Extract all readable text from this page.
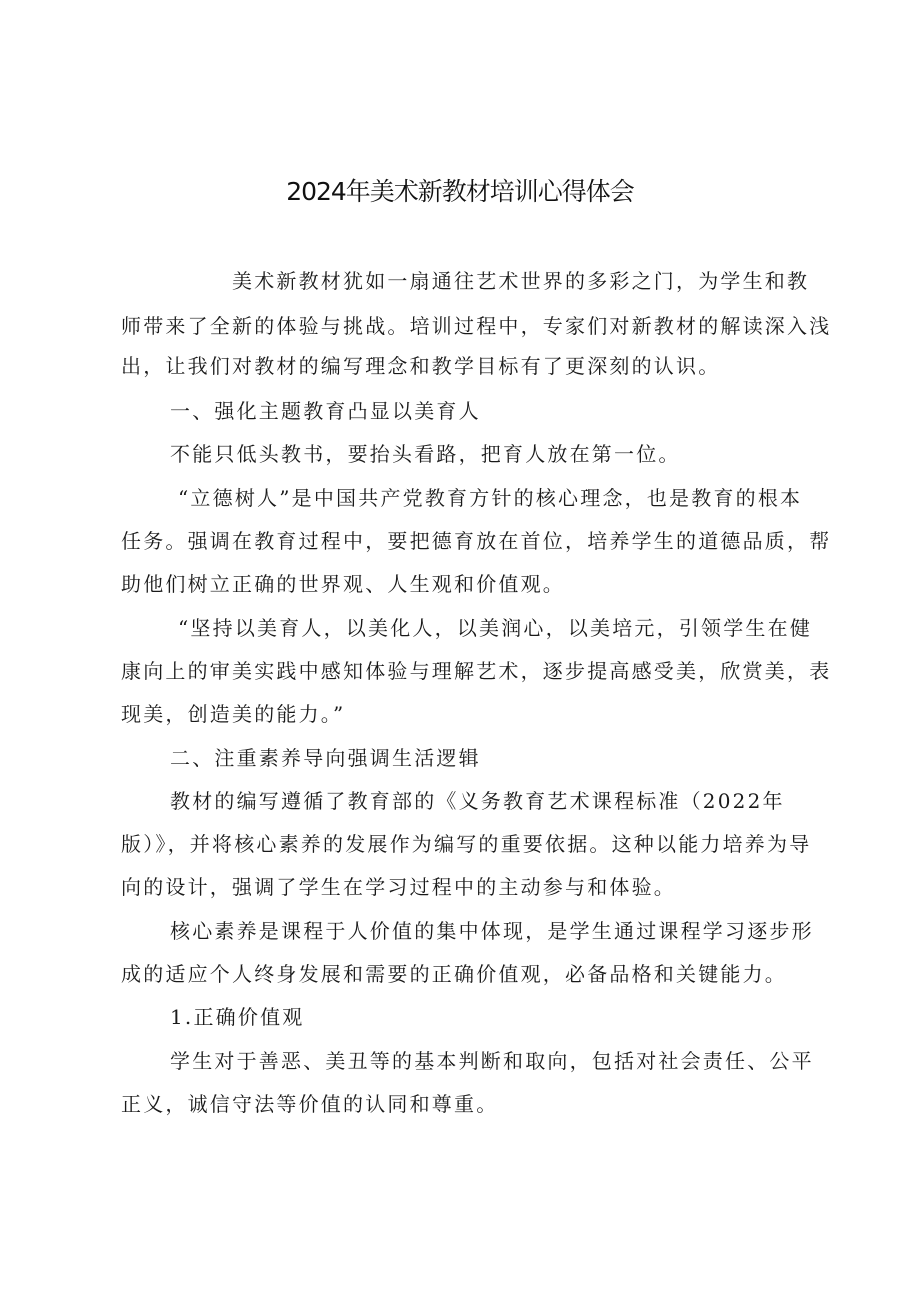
2024年美术新教材培训心得体会
美术新教材犹如一扇通往艺术世界的多彩之门，为学生和教
师带来了全新的体验与挑战。培训过程中，专家们对新教材的解读深入浅
出，让我们对教材的编写理念和教学目标有了更深刻的认识。
一、强化主题教育凸显以美育人
不能只低头教书，要抬头看路，把育人放在第一位。
“立德树人”是中国共产党教育方针的核心理念，也是教育的根本
任务。强调在教育过程中，要把德育放在首位，培养学生的道德品质，帮
助他们树立正确的世界观、人生观和价值观。
“坚持以美育人，以美化人，以美润心，以美培元，引领学生在健
康向上的审美实践中感知体验与理解艺术，逐步提高感受美，欣赏美，表
现美，创造美的能力。”
二、注重素养导向强调生活逻辑
教材的编写遵循了教育部的《义务教育艺术课程标准（2022年
版）》，并将核心素养的发展作为编写的重要依据。这种以能力培养为导
向的设计，强调了学生在学习过程中的主动参与和体验。
核心素养是课程于人价值的集中体现，是学生通过课程学习逐步形
成的适应个人终身发展和需要的正确价值观，必备品格和关键能力。
1.正确价值观
学生对于善恶、美丑等的基本判断和取向，包括对社会责任、公平
正义，诚信守法等价值的认同和尊重。
